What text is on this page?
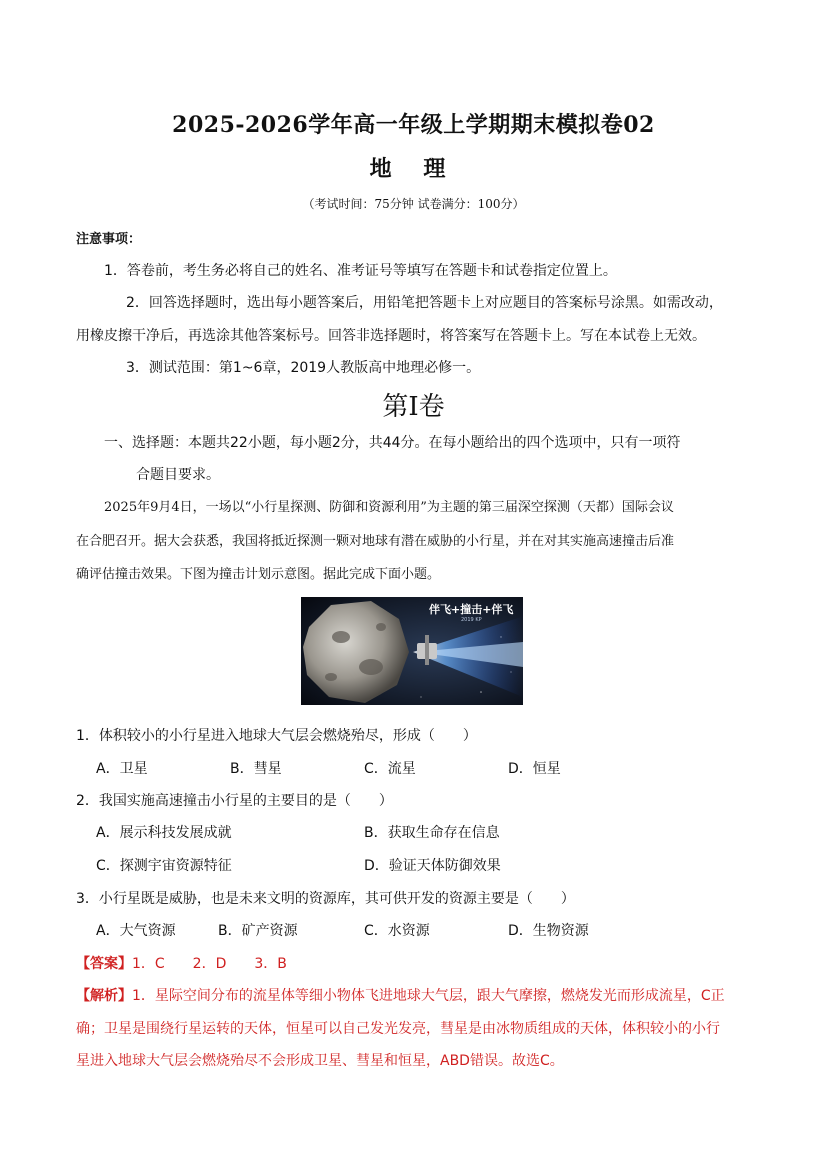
2025-2026学年高一年级上学期期末模拟卷02
地 理
（考试时间：75分钟 试卷满分：100分）
注意事项：
1．答卷前，考生务必将自己的姓名、准考证号等填写在答题卡和试卷指定位置上。
2．回答选择题时，选出每小题答案后，用铅笔把答题卡上对应题目的答案标号涂黑。如需改动，
用橡皮擦干净后，再选涂其他答案标号。回答非选择题时，将答案写在答题卡上。写在本试卷上无效。
3．测试范围：第1~6章，2019人教版高中地理必修一。
第I卷
一、选择题：本题共22小题，每小题2分，共44分。在每小题给出的四个选项中，只有一项符
合题目要求。
2025年9月4日，一场以“小行星探测、防御和资源利用”为主题的第三届深空探测（天都）国际会议
在合肥召开。据大会获悉，我国将抵近探测一颗对地球有潜在威胁的小行星，并在对其实施高速撞击后准
确评估撞击效果。下图为撞击计划示意图。据此完成下面小题。
伴飞+撞击+伴飞
2019 KP
1．体积较小的小行星进入地球大气层会燃烧殆尽，形成（　　）
A．卫星	B．彗星	C．流星	D．恒星
2．我国实施高速撞击小行星的主要目的是（　　）
A．展示科技发展成就	B．获取生命存在信息
C．探测宇宙资源特征	D．验证天体防御效果
3．小行星既是威胁，也是未来文明的资源库，其可供开发的资源主要是（　　）
A．大气资源	B．矿产资源	C．水资源	D．生物资源
【答案】1．C　　2．D　　3．B
【解析】1．星际空间分布的流星体等细小物体飞进地球大气层，跟大气摩擦，燃烧发光而形成流星，C正
确；卫星是围绕行星运转的天体，恒星可以自己发光发亮，彗星是由冰物质组成的天体，体积较小的小行
星进入地球大气层会燃烧殆尽不会形成卫星、彗星和恒星，ABD错误。故选C。
